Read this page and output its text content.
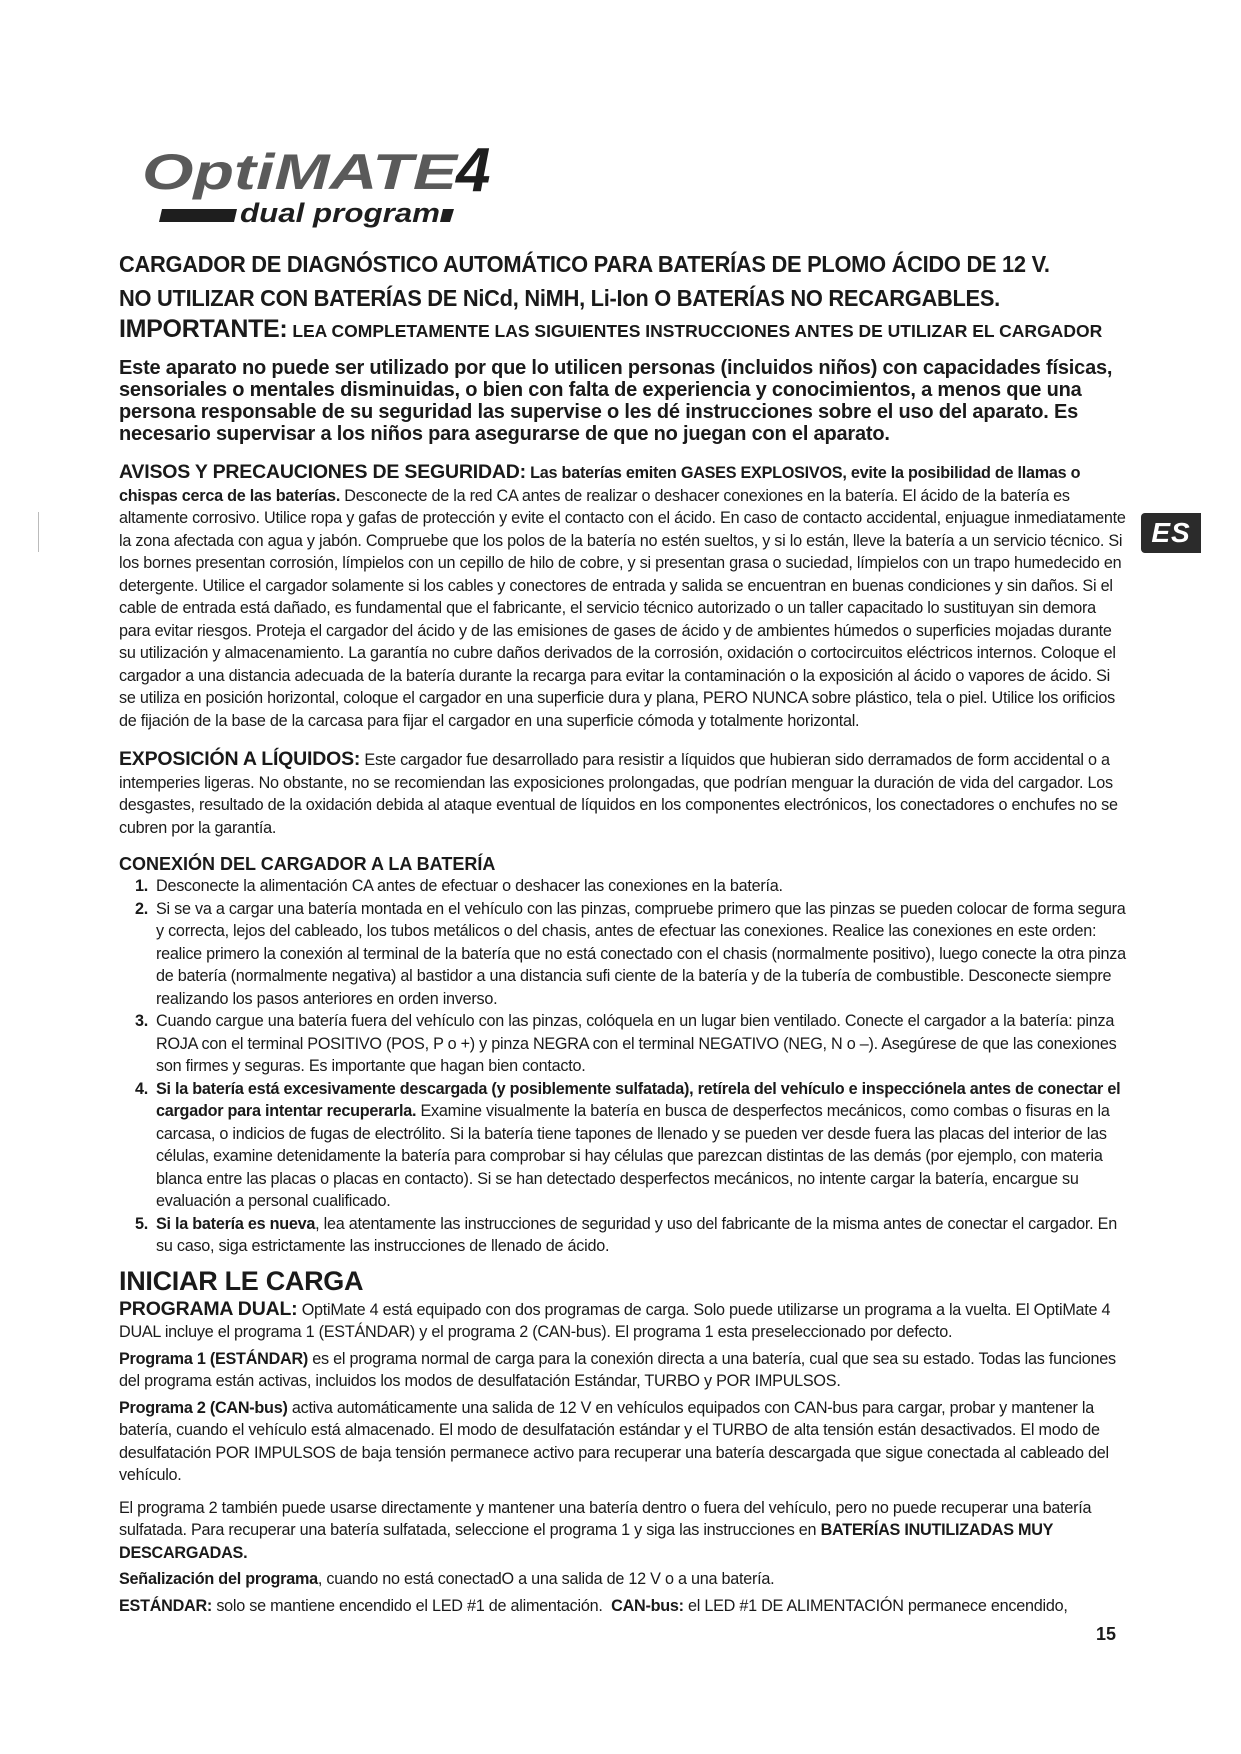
OptiMATE
4
dual program
ES
15

CARGADOR DE DIAGNÓSTICO AUTOMÁTICO PARA BATERÍAS DE PLOMO ÁCIDO DE 12 V.

NO UTILIZAR CON BATERÍAS DE NiCd, NiMH, Li-Ion O BATERÍAS NO RECARGABLES.

IMPORTANTE: LEA COMPLETAMENTE LAS SIGUIENTES INSTRUCCIONES ANTES DE UTILIZAR EL CARGADOR

Este aparato no puede ser utilizado por que lo utilicen personas (incluidos niños) con capacidades físicas, sensoriales o mentales disminuidas, o bien con falta de experiencia y conocimientos, a menos que una persona responsable de su seguridad las supervise o les dé instrucciones sobre el uso del aparato. Es necesario supervisar a los niños para asegurarse de que no juegan con el aparato.

AVISOS Y PRECAUCIONES DE SEGURIDAD: Las baterías emiten GASES EXPLOSIVOS, evite la posibilidad de llamas o chispas cerca de las baterías. Desconecte de la red CA antes de realizar o deshacer conexiones en la batería. El ácido de la batería es altamente corrosivo. Utilice ropa y gafas de protección y evite el contacto con el ácido. En caso de contacto accidental, enjuague inmediatamente la zona afectada con agua y jabón. Compruebe que los polos de la batería no estén sueltos, y si lo están, lleve la batería a un servicio técnico. Si los bornes presentan corrosión, límpielos con un cepillo de hilo de cobre, y si presentan grasa o suciedad, límpielos con un trapo humedecido en detergente. Utilice el cargador solamente si los cables y conectores de entrada y salida se encuentran en buenas condiciones y sin daños. Si el cable de entrada está dañado, es fundamental que el fabricante, el servicio técnico autorizado o un taller capacitado lo sustituyan sin demora para evitar riesgos. Proteja el cargador del ácido y de las emisiones de gases de ácido y de ambientes húmedos o superficies mojadas durante su utilización y almacenamiento. La garantía no cubre daños derivados de la corrosión, oxidación o cortocircuitos eléctricos internos. Coloque el cargador a una distancia adecuada de la batería durante la recarga para evitar la contaminación o la exposición al ácido o vapores de ácido. Si se utiliza en posición horizontal, coloque el cargador en una superficie dura y plana, PERO NUNCA sobre plástico, tela o piel. Utilice los orificios de fijación de la base de la carcasa para fijar el cargador en una superficie cómoda y totalmente horizontal.

EXPOSICIÓN A LÍQUIDOS: Este cargador fue desarrollado para resistir a líquidos que hubieran sido derramados de form accidental o a intemperies ligeras. No obstante, no se recomiendan las exposiciones prolongadas, que podrían menguar la duración de vida del cargador. Los desgastes, resultado de la oxidación debida al ataque eventual de líquidos en los componentes electrónicos, los conectadores o enchufes no se cubren por la garantía.

CONEXIÓN DEL CARGADOR A LA BATERÍA

1. Desconecte la alimentación CA antes de efectuar o deshacer las conexiones en la batería.
2. Si se va a cargar una batería montada en el vehículo con las pinzas, compruebe primero que las pinzas se pueden colocar de forma segura y correcta, lejos del cableado, los tubos metálicos o del chasis, antes de efectuar las conexiones. Realice las conexiones en este orden: realice primero la conexión al terminal de la batería que no está conectado con el chasis (normalmente positivo), luego conecte la otra pinza de batería (normalmente negativa) al bastidor a una distancia sufi ciente de la batería y de la tubería de combustible. Desconecte siempre realizando los pasos anteriores en orden inverso.
3. Cuando cargue una batería fuera del vehículo con las pinzas, colóquela en un lugar bien ventilado. Conecte el cargador a la batería: pinza ROJA con el terminal POSITIVO (POS, P o +) y pinza NEGRA con el terminal NEGATIVO (NEG, N o –). Asegúrese de que las conexiones son firmes y seguras. Es importante que hagan bien contacto.
4. Si la batería está excesivamente descargada (y posiblemente sulfatada), retírela del vehículo e inspecciónela antes de conectar el cargador para intentar recuperarla. Examine visualmente la batería en busca de desperfectos mecánicos, como combas o fisuras en la carcasa, o indicios de fugas de electrólito. Si la batería tiene tapones de llenado y se pueden ver desde fuera las placas del interior de las células, examine detenidamente la batería para comprobar si hay células que parezcan distintas de las demás (por ejemplo, con materia blanca entre las placas o placas en contacto). Si se han detectado desperfectos mecánicos, no intente cargar la batería, encargue su evaluación a personal cualificado.
5. Si la batería es nueva, lea atentamente las instrucciones de seguridad y uso del fabricante de la misma antes de conectar el cargador. En su caso, siga estrictamente las instrucciones de llenado de ácido.

INICIAR LE CARGA

PROGRAMA DUAL: OptiMate 4 está equipado con dos programas de carga. Solo puede utilizarse un programa a la vuelta. El OptiMate 4 DUAL incluye el programa 1 (ESTÁNDAR) y el programa 2 (CAN-bus). El programa 1 esta preseleccionado por defecto.

Programa 1 (ESTÁNDAR) es el programa normal de carga para la conexión directa a una batería, cual que sea su estado. Todas las funciones del programa están activas, incluidos los modos de desulfatación Estándar, TURBO y POR IMPULSOS.

Programa 2 (CAN-bus) activa automáticamente una salida de 12 V en vehículos equipados con CAN-bus para cargar, probar y mantener la batería, cuando el vehículo está almacenado. El modo de desulfatación estándar y el TURBO de alta tensión están desactivados. El modo de desulfatación POR IMPULSOS de baja tensión permanece activo para recuperar una batería descargada que sigue conectada al cableado del vehículo.

El programa 2 también puede usarse directamente y mantener una batería dentro o fuera del vehículo, pero no puede recuperar una batería sulfatada. Para recuperar una batería sulfatada, seleccione el programa 1 y siga las instrucciones en BATERÍAS INUTILIZADAS MUY DESCARGADAS.

Señalización del programa, cuando no está conectadO a una salida de 12 V o a una batería.

ESTÁNDAR: solo se mantiene encendido el LED #1 de alimentación.  CAN-bus: el LED #1 DE ALIMENTACIÓN permanece encendido,
